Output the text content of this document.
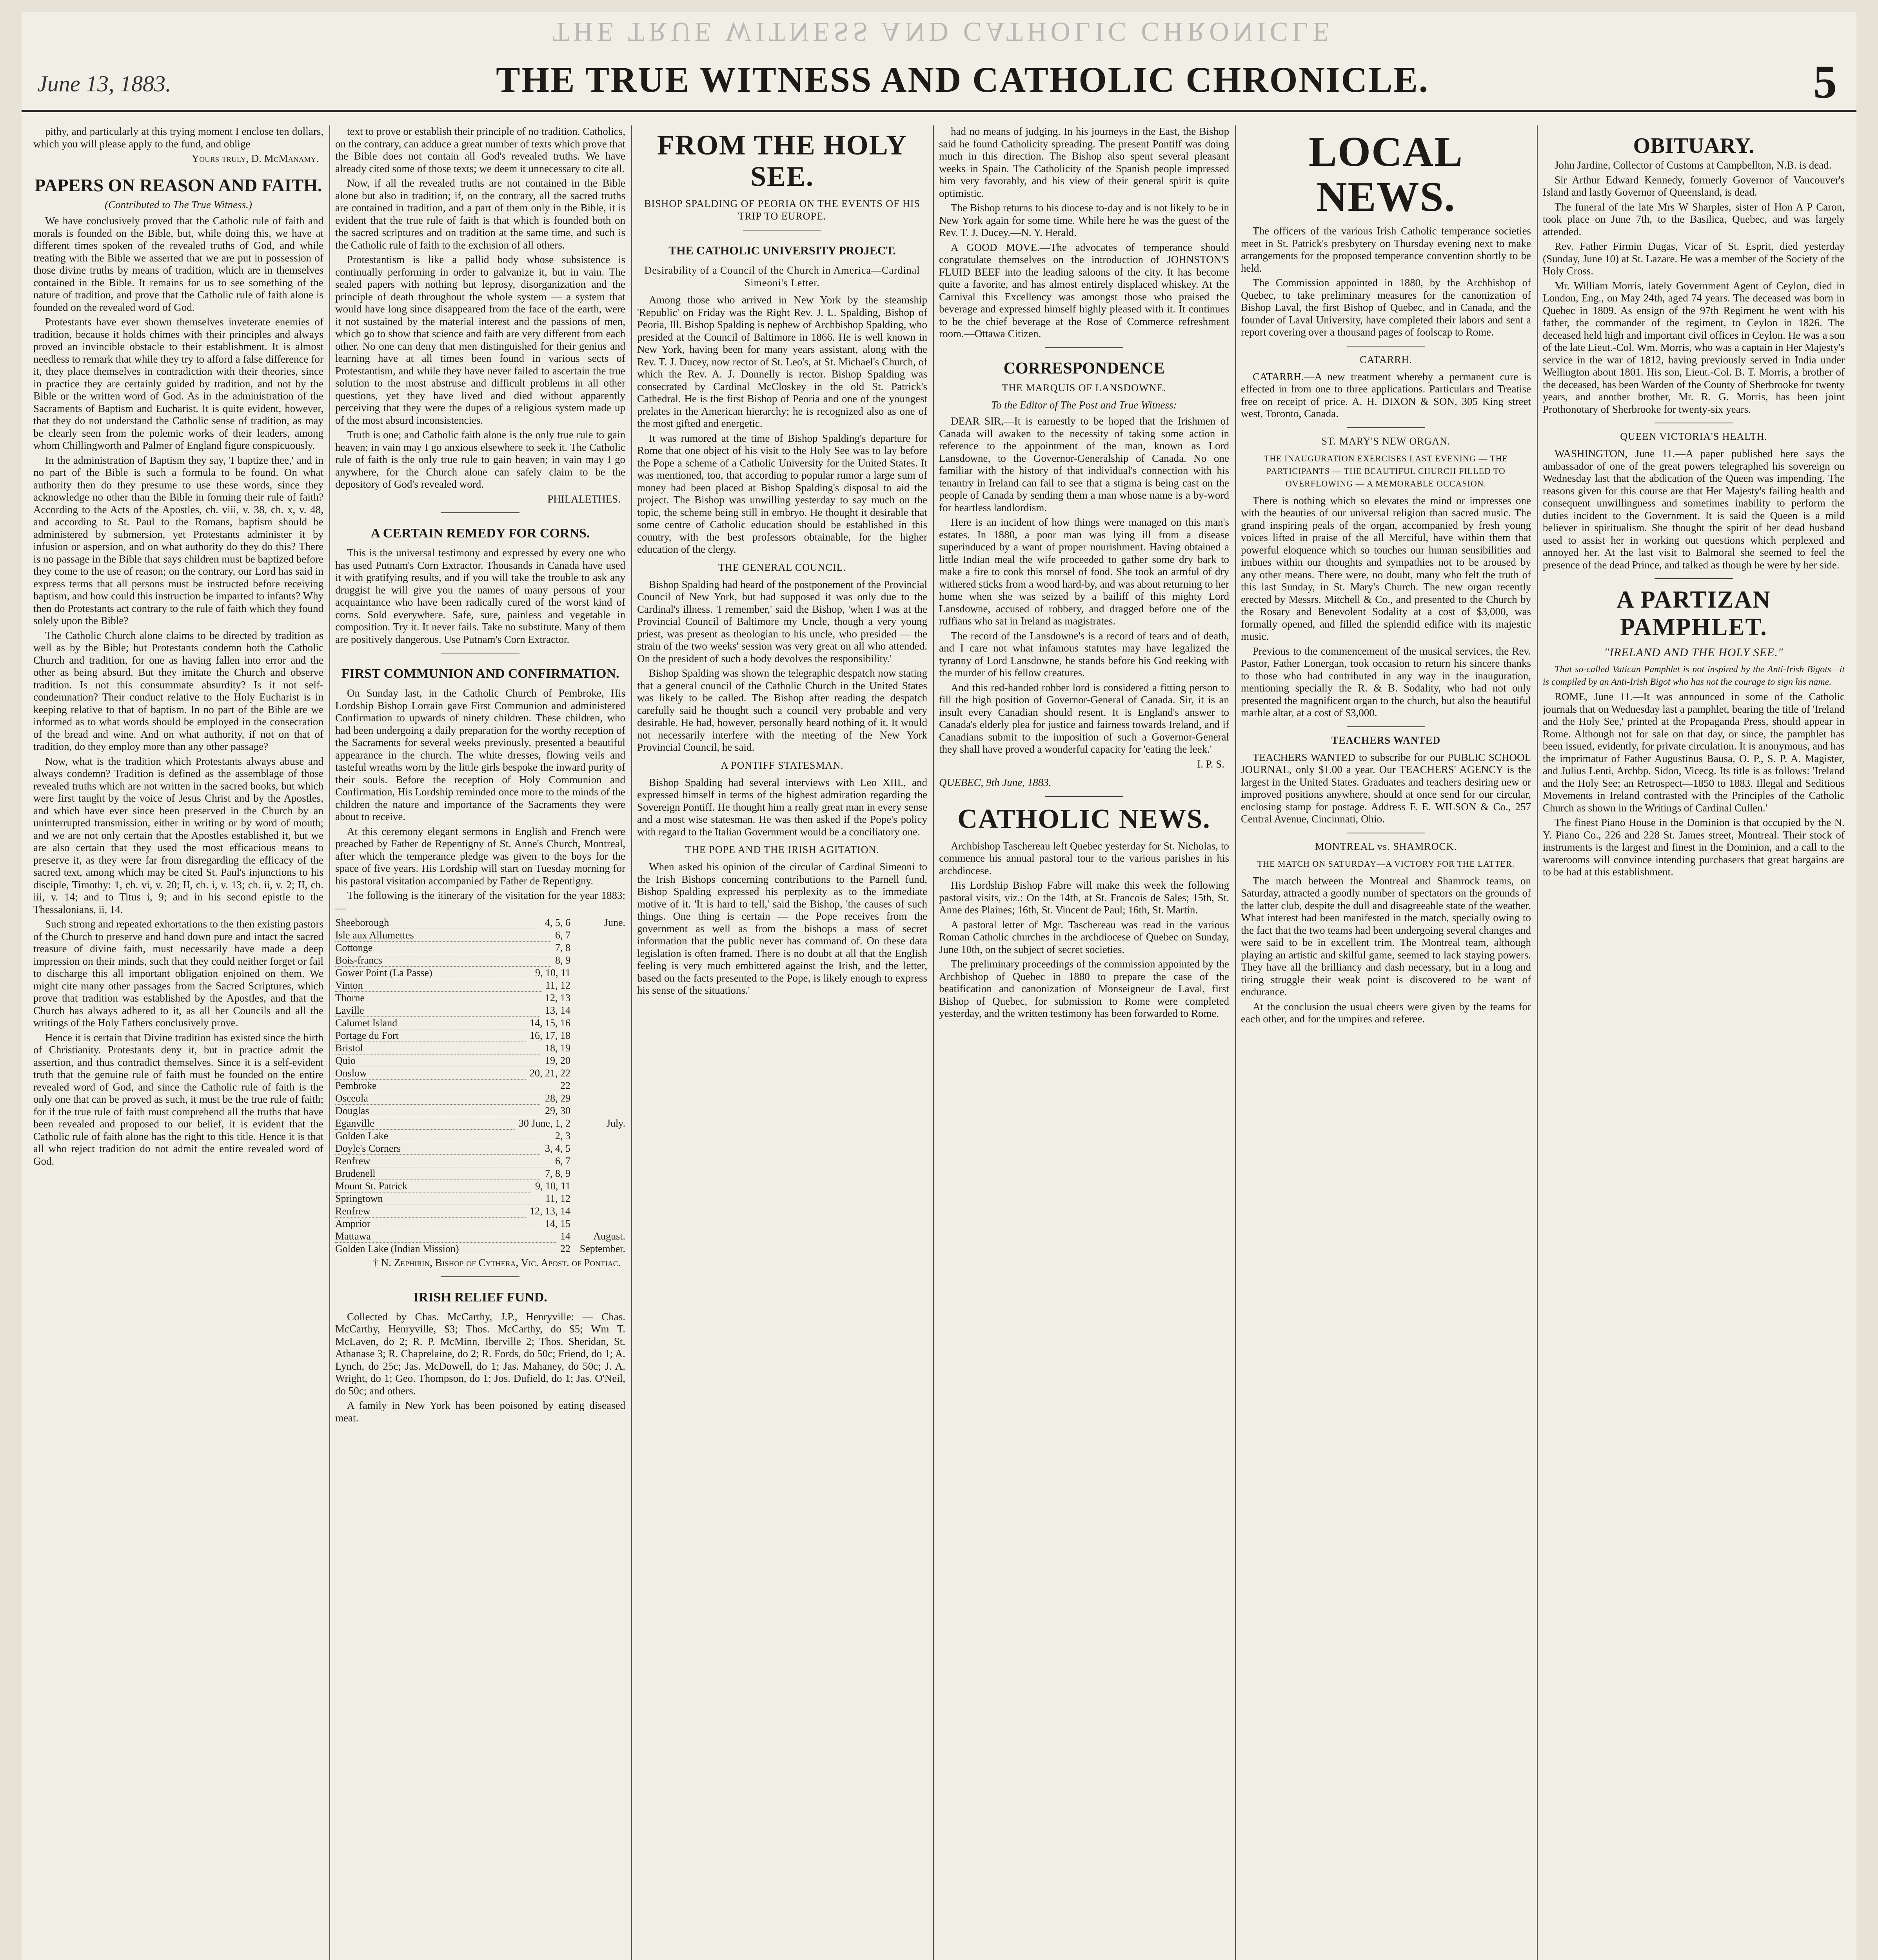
THE TRUE WITNESS AND CATHOLIC CHRONICLE
June 13, 1883.	THE TRUE WITNESS AND CATHOLIC CHRONICLE.	5

pithy, and particularly at this trying moment I enclose ten dollars, which you will please apply to the fund, and oblige

Yours truly, D. McManamy.
PAPERS ON REASON AND FAITH.
(Contributed to The True Witness.)

We have conclusively proved that the Catholic rule of faith and morals is founded on the Bible, but, while doing this, we have at different times spoken of the revealed truths of God, and while treating with the Bible we asserted that we are put in possession of those divine truths by means of tradition, which are in themselves contained in the Bible. It remains for us to see something of the nature of tradition, and prove that the Catholic rule of faith alone is founded on the revealed word of God.

Protestants have ever shown themselves inveterate enemies of tradition, because it holds chimes with their principles and always proved an invincible obstacle to their establishment. It is almost needless to remark that while they try to afford a false difference for it, they place themselves in contradiction with their theories, since in practice they are certainly guided by tradition, and not by the Bible or the written word of God. As in the administration of the Sacraments of Baptism and Eucharist. It is quite evident, however, that they do not understand the Catholic sense of tradition, as may be clearly seen from the polemic works of their leaders, among whom Chillingworth and Palmer of England figure conspicuously.

In the administration of Baptism they say, 'I baptize thee,' and in no part of the Bible is such a formula to be found. On what authority then do they presume to use these words, since they acknowledge no other than the Bible in forming their rule of faith? According to the Acts of the Apostles, ch. viii, v. 38, ch. x, v. 48, and according to St. Paul to the Romans, baptism should be administered by submersion, yet Protestants administer it by infusion or aspersion, and on what authority do they do this? There is no passage in the Bible that says children must be baptized before they come to the use of reason; on the contrary, our Lord has said in express terms that all persons must be instructed before receiving baptism, and how could this instruction be imparted to infants? Why then do Protestants act contrary to the rule of faith which they found solely upon the Bible?

The Catholic Church alone claims to be directed by tradition as well as by the Bible; but Protestants condemn both the Catholic Church and tradition, for one as having fallen into error and the other as being absurd. But they imitate the Church and observe tradition. Is not this consummate absurdity? Is it not self-condemnation? Their conduct relative to the Holy Eucharist is in keeping relative to that of baptism. In no part of the Bible are we informed as to what words should be employed in the consecration of the bread and wine. And on what authority, if not on that of tradition, do they employ more than any other passage?

Now, what is the tradition which Protestants always abuse and always condemn? Tradition is defined as the assemblage of those revealed truths which are not written in the sacred books, but which were first taught by the voice of Jesus Christ and by the Apostles, and which have ever since been preserved in the Church by an uninterrupted transmission, either in writing or by word of mouth; and we are not only certain that the Apostles established it, but we are also certain that they used the most efficacious means to preserve it, as they were far from disregarding the efficacy of the sacred text, among which may be cited St. Paul's injunctions to his disciple, Timothy: 1, ch. vi, v. 20; II, ch. i, v. 13; ch. ii, v. 2; II, ch. iii, v. 14; and to Titus i, 9; and in his second epistle to the Thessalonians, ii, 14.

Such strong and repeated exhortations to the then existing pastors of the Church to preserve and hand down pure and intact the sacred treasure of divine faith, must necessarily have made a deep impression on their minds, such that they could neither forget or fail to discharge this all important obligation enjoined on them. We might cite many other passages from the Sacred Scriptures, which prove that tradition was established by the Apostles, and that the Church has always adhered to it, as all her Councils and all the writings of the Holy Fathers conclusively prove.

Hence it is certain that Divine tradition has existed since the birth of Christianity. Protestants deny it, but in practice admit the assertion, and thus contradict themselves. Since it is a self-evident truth that the genuine rule of faith must be founded on the entire revealed word of God, and since the Catholic rule of faith is the only one that can be proved as such, it must be the true rule of faith; for if the true rule of faith must comprehend all the truths that have been revealed and proposed to our belief, it is evident that the Catholic rule of faith alone has the right to this title. Hence it is that all who reject tradition do not admit the entire revealed word of God.

text to prove or establish their principle of no tradition. Catholics, on the contrary, can adduce a great number of texts which prove that the Bible does not contain all God's revealed truths. We have already cited some of those texts; we deem it unnecessary to cite all.

Now, if all the revealed truths are not contained in the Bible alone but also in tradition; if, on the contrary, all the sacred truths are contained in tradition, and a part of them only in the Bible, it is evident that the true rule of faith is that which is founded both on the sacred scriptures and on tradition at the same time, and such is the Catholic rule of faith to the exclusion of all others.

Protestantism is like a pallid body whose subsistence is continually performing in order to galvanize it, but in vain. The sealed papers with nothing but leprosy, disorganization and the principle of death throughout the whole system — a system that would have long since disappeared from the face of the earth, were it not sustained by the material interest and the passions of men, which go to show that science and faith are very different from each other. No one can deny that men distinguished for their genius and learning have at all times been found in various sects of Protestantism, and while they have never failed to ascertain the true solution to the most abstruse and difficult problems in all other questions, yet they have lived and died without apparently perceiving that they were the dupes of a religious system made up of the most absurd inconsistencies.

Truth is one; and Catholic faith alone is the only true rule to gain heaven; in vain may I go anxious elsewhere to seek it. The Catholic rule of faith is the only true rule to gain heaven; in vain may I go anywhere, for the Church alone can safely claim to be the depository of God's revealed word.

PHILALETHES.
A CERTAIN REMEDY FOR CORNS.

This is the universal testimony and expressed by every one who has used Putnam's Corn Extractor. Thousands in Canada have used it with gratifying results, and if you will take the trouble to ask any druggist he will give you the names of many persons of your acquaintance who have been radically cured of the worst kind of corns. Sold everywhere. Safe, sure, painless and vegetable in composition. Try it. It never fails. Take no substitute. Many of them are positively dangerous. Use Putnam's Corn Extractor.

FIRST COMMUNION AND CONFIRMATION.

On Sunday last, in the Catholic Church of Pembroke, His Lordship Bishop Lorrain gave First Communion and administered Confirmation to upwards of ninety children. These children, who had been undergoing a daily preparation for the worthy reception of the Sacraments for several weeks previously, presented a beautiful appearance in the church. The white dresses, flowing veils and tasteful wreaths worn by the little girls bespoke the inward purity of their souls. Before the reception of Holy Communion and Confirmation, His Lordship reminded once more to the minds of the children the nature and importance of the Sacraments they were about to receive.

At this ceremony elegant sermons in English and French were preached by Father de Repentigny of St. Anne's Church, Montreal, after which the temperance pledge was given to the boys for the space of five years. His Lordship will start on Tuesday morning for his pastoral visitation accompanied by Father de Repentigny.

The following is the itinerary of the visitation for the year 1883:—

Sheeborough	4, 5, 6	June.
Isle aux Allumettes	6, 7
Cottonge	7, 8
Bois-francs	8, 9
Gower Point (La Passe)	9, 10, 11
Vinton	11, 12
Thorne	12, 13
Laville	13, 14
Calumet Island	14, 15, 16
Portage du Fort	16, 17, 18
Bristol	18, 19
Quio	19, 20
Onslow	20, 21, 22
Pembroke	22
Osceola	28, 29
Douglas	29, 30
Eganville	30 June, 1, 2	July.
Golden Lake	2, 3
Doyle's Corners	3, 4, 5
Renfrew	6, 7
Brudenell	7, 8, 9
Mount St. Patrick	9, 10, 11
Springtown	11, 12
Renfrew	12, 13, 14
Amprior	14, 15
Mattawa	14	August.
Golden Lake (Indian Mission)	22 September.
† N. Zephirin, Bishop of Cythera, Vic. Apost. of Pontiac.
IRISH RELIEF FUND.

Collected by Chas. McCarthy, J.P., Henryville: — Chas. McCarthy, Henryville, $3; Thos. McCarthy, do $5; Wm T. McLaven, do 2; R. P. McMinn, Iberville 2; Thos. Sheridan, St. Athanase 3; R. Chaprelaine, do 2; R. Fords, do 50c; Friend, do 1; A. Lynch, do 25c; Jas. McDowell, do 1; Jas. Mahaney, do 50c; J. A. Wright, do 1; Geo. Thompson, do 1; Jos. Dufield, do 1; Jas. O'Neil, do 50c; and others.

A family in New York has been poisoned by eating diseased meat.

FROM THE HOLY SEE.
BISHOP SPALDING OF PEORIA ON THE EVENTS OF HIS TRIP TO EUROPE.
THE CATHOLIC UNIVERSITY PROJECT.
Desirability of a Council of the Church in America—Cardinal Simeoni's Letter.

Among those who arrived in New York by the steamship 'Republic' on Friday was the Right Rev. J. L. Spalding, Bishop of Peoria, Ill. Bishop Spalding is nephew of Archbishop Spalding, who presided at the Council of Baltimore in 1866. He is well known in New York, having been for many years assistant, along with the Rev. T. J. Ducey, now rector of St. Leo's, at St. Michael's Church, of which the Rev. A. J. Donnelly is rector. Bishop Spalding was consecrated by Cardinal McCloskey in the old St. Patrick's Cathedral. He is the first Bishop of Peoria and one of the youngest prelates in the American hierarchy; he is recognized also as one of the most gifted and energetic.

It was rumored at the time of Bishop Spalding's departure for Rome that one object of his visit to the Holy See was to lay before the Pope a scheme of a Catholic University for the United States. It was mentioned, too, that according to popular rumor a large sum of money had been placed at Bishop Spalding's disposal to aid the project. The Bishop was unwilling yesterday to say much on the topic, the scheme being still in embryo. He thought it desirable that some centre of Catholic education should be established in this country, with the best professors obtainable, for the higher education of the clergy.

THE GENERAL COUNCIL.

Bishop Spalding had heard of the postponement of the Provincial Council of New York, but had supposed it was only due to the Cardinal's illness. 'I remember,' said the Bishop, 'when I was at the Provincial Council of Baltimore my Uncle, though a very young priest, was present as theologian to his uncle, who presided — the strain of the two weeks' session was very great on all who attended. On the president of such a body devolves the responsibility.'

Bishop Spalding was shown the telegraphic despatch now stating that a general council of the Catholic Church in the United States was likely to be called. The Bishop after reading the despatch carefully said he thought such a council very probable and very desirable. He had, however, personally heard nothing of it. It would not necessarily interfere with the meeting of the New York Provincial Council, he said.

A PONTIFF STATESMAN.

Bishop Spalding had several interviews with Leo XIII., and expressed himself in terms of the highest admiration regarding the Sovereign Pontiff. He thought him a really great man in every sense and a most wise statesman. He was then asked if the Pope's policy with regard to the Italian Government would be a conciliatory one.

THE POPE AND THE IRISH AGITATION.

When asked his opinion of the circular of Cardinal Simeoni to the Irish Bishops concerning contributions to the Parnell fund, Bishop Spalding expressed his perplexity as to the immediate motive of it. 'It is hard to tell,' said the Bishop, 'the causes of such things. One thing is certain — the Pope receives from the government as well as from the bishops a mass of secret information that the public never has command of. On these data legislation is often framed. There is no doubt at all that the English feeling is very much embittered against the Irish, and the letter, based on the facts presented to the Pope, is likely enough to express his sense of the situations.'

had no means of judging. In his journeys in the East, the Bishop said he found Catholicity spreading. The present Pontiff was doing much in this direction. The Bishop also spent several pleasant weeks in Spain. The Catholicity of the Spanish people impressed him very favorably, and his view of their general spirit is quite optimistic.

The Bishop returns to his diocese to-day and is not likely to be in New York again for some time. While here he was the guest of the Rev. T. J. Ducey.—N. Y. Herald.

A GOOD MOVE.—The advocates of temperance should congratulate themselves on the introduction of JOHNSTON'S FLUID BEEF into the leading saloons of the city. It has become quite a favorite, and has almost entirely displaced whiskey. At the Carnival this Excellency was amongst those who praised the beverage and expressed himself highly pleased with it. It continues to be the chief beverage at the Rose of Commerce refreshment room.—Ottawa Citizen.

CORRESPONDENCE
THE MARQUIS OF LANSDOWNE.
To the Editor of The Post and True Witness:

DEAR SIR,—It is earnestly to be hoped that the Irishmen of Canada will awaken to the necessity of taking some action in reference to the appointment of the man, known as Lord Lansdowne, to the Governor-Generalship of Canada. No one familiar with the history of that individual's connection with his tenantry in Ireland can fail to see that a stigma is being cast on the people of Canada by sending them a man whose name is a by-word for heartless landlordism.

Here is an incident of how things were managed on this man's estates. In 1880, a poor man was lying ill from a disease superinduced by a want of proper nourishment. Having obtained a little Indian meal the wife proceeded to gather some dry bark to make a fire to cook this morsel of food. She took an armful of dry withered sticks from a wood hard-by, and was about returning to her home when she was seized by a bailiff of this mighty Lord Lansdowne, accused of robbery, and dragged before one of the ruffians who sat in Ireland as magistrates.

The record of the Lansdowne's is a record of tears and of death, and I care not what infamous statutes may have legalized the tyranny of Lord Lansdowne, he stands before his God reeking with the murder of his fellow creatures.

And this red-handed robber lord is considered a fitting person to fill the high position of Governor-General of Canada. Sir, it is an insult every Canadian should resent. It is England's answer to Canada's elderly plea for justice and fairness towards Ireland, and if Canadians submit to the imposition of such a Governor-General they shall have proved a wonderful capacity for 'eating the leek.'

I. P. S.
QUEBEC, 9th June, 1883.
CATHOLIC NEWS.

Archbishop Taschereau left Quebec yesterday for St. Nicholas, to commence his annual pastoral tour to the various parishes in his archdiocese.

His Lordship Bishop Fabre will make this week the following pastoral visits, viz.: On the 14th, at St. Francois de Sales; 15th, St. Anne des Plaines; 16th, St. Vincent de Paul; 16th, St. Martin.

A pastoral letter of Mgr. Taschereau was read in the various Roman Catholic churches in the archdiocese of Quebec on Sunday, June 10th, on the subject of secret societies.

The preliminary proceedings of the commission appointed by the Archbishop of Quebec in 1880 to prepare the case of the beatification and canonization of Monseigneur de Laval, first Bishop of Quebec, for submission to Rome were completed yesterday, and the written testimony has been forwarded to Rome.

LOCAL NEWS.

The officers of the various Irish Catholic temperance societies meet in St. Patrick's presbytery on Thursday evening next to make arrangements for the proposed temperance convention shortly to be held.

The Commission appointed in 1880, by the Archbishop of Quebec, to take preliminary measures for the canonization of Bishop Laval, the first Bishop of Quebec, and in Canada, and the founder of Laval University, have completed their labors and sent a report covering over a thousand pages of foolscap to Rome.

CATARRH.

CATARRH.—A new treatment whereby a permanent cure is effected in from one to three applications. Particulars and Treatise free on receipt of price. A. H. DIXON & SON, 305 King street west, Toronto, Canada.

ST. MARY'S NEW ORGAN.
THE INAUGURATION EXERCISES LAST EVENING — THE PARTICIPANTS — THE BEAUTIFUL CHURCH FILLED TO OVERFLOWING — A MEMORABLE OCCASION.

There is nothing which so elevates the mind or impresses one with the beauties of our universal religion than sacred music. The grand inspiring peals of the organ, accompanied by fresh young voices lifted in praise of the all Merciful, have within them that powerful eloquence which so touches our human sensibilities and imbues within our thoughts and sympathies not to be aroused by any other means. There were, no doubt, many who felt the truth of this last Sunday, in St. Mary's Church. The new organ recently erected by Messrs. Mitchell & Co., and presented to the Church by the Rosary and Benevolent Sodality at a cost of $3,000, was formally opened, and filled the splendid edifice with its majestic music.

Previous to the commencement of the musical services, the Rev. Pastor, Father Lonergan, took occasion to return his sincere thanks to those who had contributed in any way in the inauguration, mentioning specially the R. & B. Sodality, who had not only presented the magnificent organ to the church, but also the beautiful marble altar, at a cost of $3,000.

TEACHERS WANTED

TEACHERS WANTED to subscribe for our PUBLIC SCHOOL JOURNAL, only $1.00 a year. Our TEACHERS' AGENCY is the largest in the United States. Graduates and teachers desiring new or improved positions anywhere, should at once send for our circular, enclosing stamp for postage. Address F. E. WILSON & Co., 257 Central Avenue, Cincinnati, Ohio.

MONTREAL vs. SHAMROCK.
THE MATCH ON SATURDAY—A VICTORY FOR THE LATTER.

The match between the Montreal and Shamrock teams, on Saturday, attracted a goodly number of spectators on the grounds of the latter club, despite the dull and disagreeable state of the weather. What interest had been manifested in the match, specially owing to the fact that the two teams had been undergoing several changes and were said to be in excellent trim. The Montreal team, although playing an artistic and skilful game, seemed to lack staying powers. They have all the brilliancy and dash necessary, but in a long and tiring struggle their weak point is discovered to be want of endurance.

At the conclusion the usual cheers were given by the teams for each other, and for the umpires and referee.

OBITUARY.

John Jardine, Collector of Customs at Campbellton, N.B. is dead.

Sir Arthur Edward Kennedy, formerly Governor of Vancouver's Island and lastly Governor of Queensland, is dead.

The funeral of the late Mrs W Sharples, sister of Hon A P Caron, took place on June 7th, to the Basilica, Quebec, and was largely attended.

Rev. Father Firmin Dugas, Vicar of St. Esprit, died yesterday (Sunday, June 10) at St. Lazare. He was a member of the Society of the Holy Cross.

Mr. William Morris, lately Government Agent of Ceylon, died in London, Eng., on May 24th, aged 74 years. The deceased was born in Quebec in 1809. As ensign of the 97th Regiment he went with his father, the commander of the regiment, to Ceylon in 1826. The deceased held high and important civil offices in Ceylon. He was a son of the late Lieut.-Col. Wm. Morris, who was a captain in Her Majesty's service in the war of 1812, having previously served in India under Wellington about 1801. His son, Lieut.-Col. B. T. Morris, a brother of the deceased, has been Warden of the County of Sherbrooke for twenty years, and another brother, Mr. R. G. Morris, has been joint Prothonotary of Sherbrooke for twenty-six years.

QUEEN VICTORIA'S HEALTH.

WASHINGTON, June 11.—A paper published here says the ambassador of one of the great powers telegraphed his sovereign on Wednesday last that the abdication of the Queen was impending. The reasons given for this course are that Her Majesty's failing health and consequent unwillingness and sometimes inability to perform the duties incident to the Government. It is said the Queen is a mild believer in spiritualism. She thought the spirit of her dead husband used to assist her in working out questions which perplexed and annoyed her. At the last visit to Balmoral she seemed to feel the presence of the dead Prince, and talked as though he were by her side.

A PARTIZAN PAMPHLET.
"IRELAND AND THE HOLY SEE."

That so-called Vatican Pamphlet is not inspired by the Anti-Irish Bigots—it is compiled by an Anti-Irish Bigot who has not the courage to sign his name.

ROME, June 11.—It was announced in some of the Catholic journals that on Wednesday last a pamphlet, bearing the title of 'Ireland and the Holy See,' printed at the Propaganda Press, should appear in Rome. Although not for sale on that day, or since, the pamphlet has been issued, evidently, for private circulation. It is anonymous, and has the imprimatur of Father Augustinus Bausa, O. P., S. P. A. Magister, and Julius Lenti, Archbp. Sidon, Vicecg. Its title is as follows: 'Ireland and the Holy See; an Retrospect—1850 to 1883. Illegal and Seditious Movements in Ireland contrasted with the Principles of the Catholic Church as shown in the Writings of Cardinal Cullen.'

The finest Piano House in the Dominion is that occupied by the N. Y. Piano Co., 226 and 228 St. James street, Montreal. Their stock of instruments is the largest and finest in the Dominion, and a call to the warerooms will convince intending purchasers that great bargains are to be had at this establishment.
